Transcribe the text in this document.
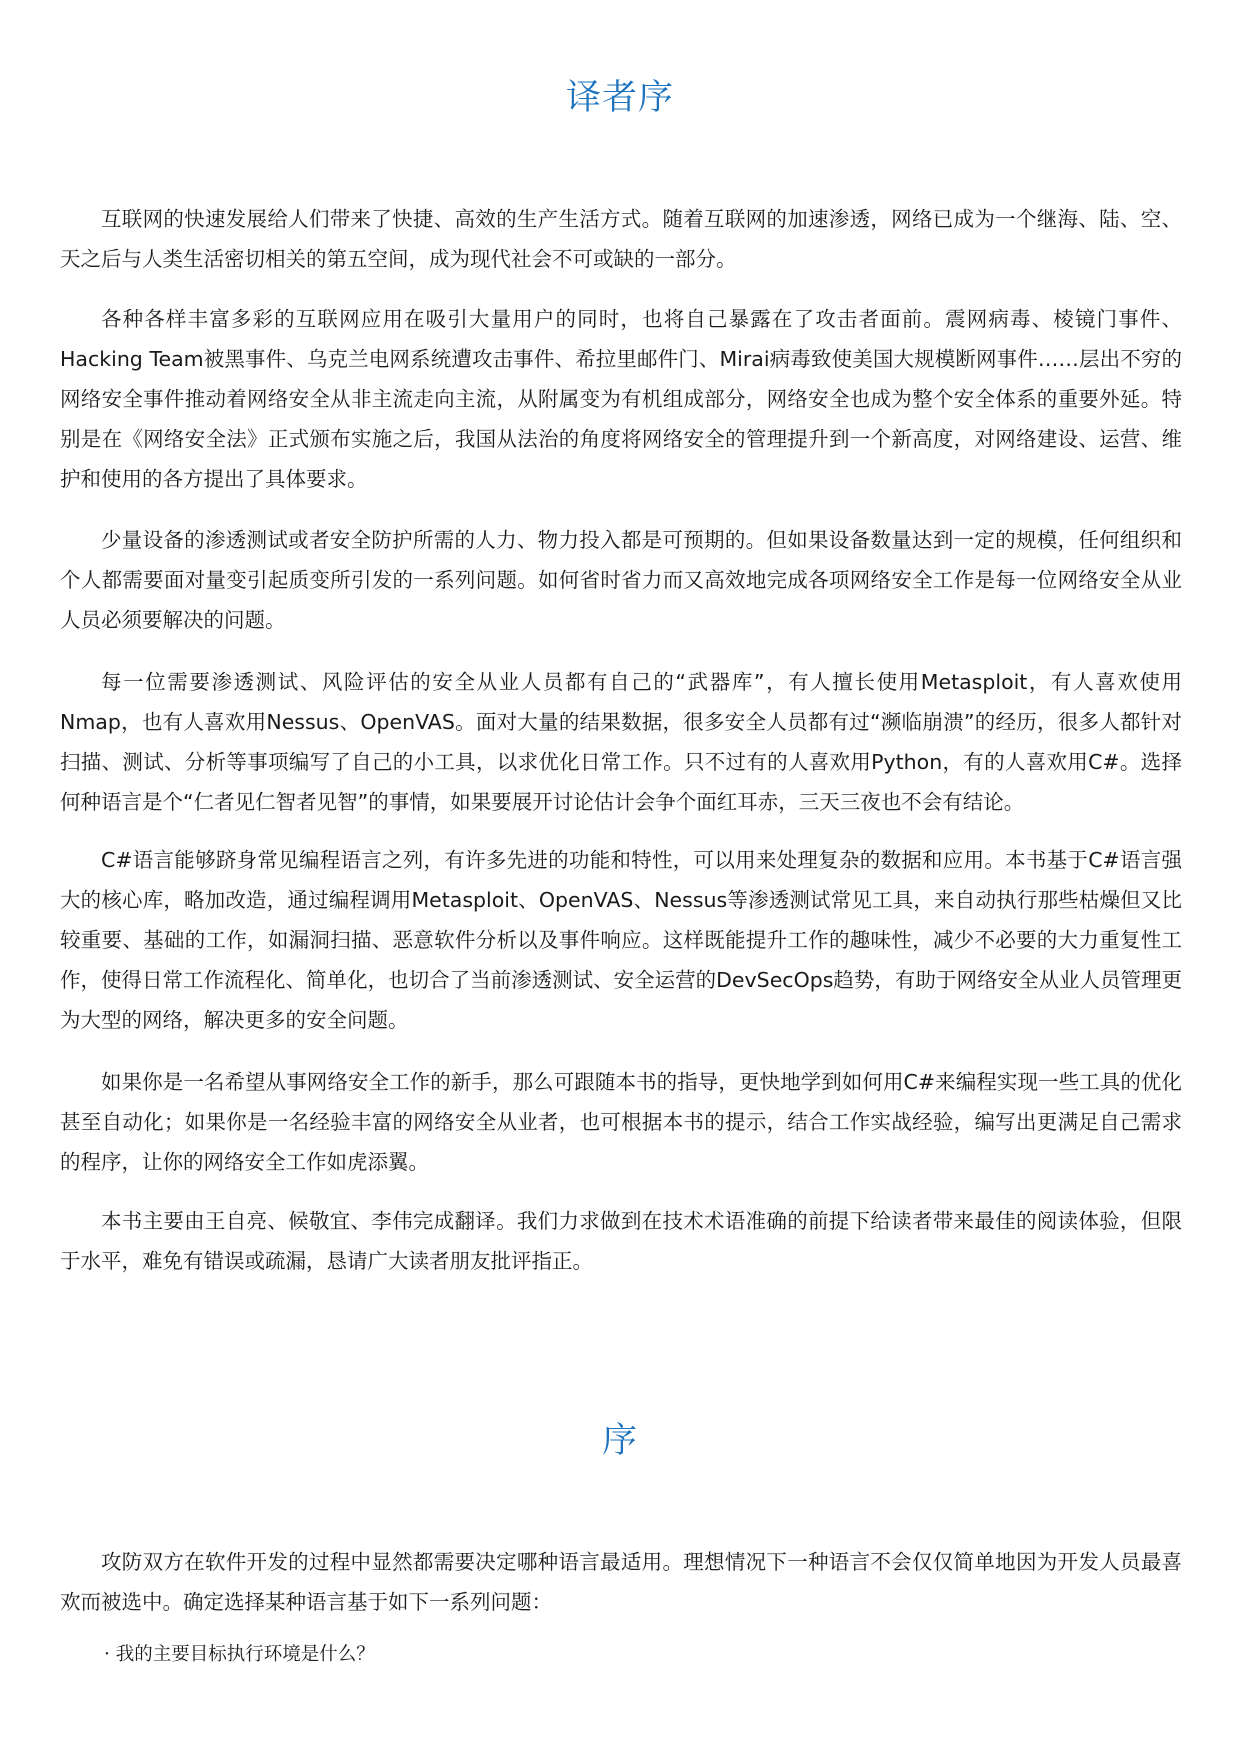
译者序

互联网的快速发展给人们带来了快捷、高效的生产生活方式。随着互联网的加速渗透，网络已成为一个继海、陆、空、天之后与人类生活密切相关的第五空间，成为现代社会不可或缺的一部分。

各种各样丰富多彩的互联网应用在吸引大量用户的同时，也将自己暴露在了攻击者面前。震网病毒、棱镜门事件、Hacking Team被黑事件、乌克兰电网系统遭攻击事件、希拉里邮件门、Mirai病毒致使美国大规模断网事件……层出不穷的网络安全事件推动着网络安全从非主流走向主流，从附属变为有机组成部分，网络安全也成为整个安全体系的重要外延。特别是在《网络安全法》正式颁布实施之后，我国从法治的角度将网络安全的管理提升到一个新高度，对网络建设、运营、维护和使用的各方提出了具体要求。

少量设备的渗透测试或者安全防护所需的人力、物力投入都是可预期的。但如果设备数量达到一定的规模，任何组织和个人都需要面对量变引起质变所引发的一系列问题。如何省时省力而又高效地完成各项网络安全工作是每一位网络安全从业人员必须要解决的问题。

每一位需要渗透测试、风险评估的安全从业人员都有自己的“武器库”，有人擅长使用Metasploit，有人喜欢使用Nmap，也有人喜欢用Nessus、OpenVAS。面对大量的结果数据，很多安全人员都有过“濒临崩溃”的经历，很多人都针对扫描、测试、分析等事项编写了自己的小工具，以求优化日常工作。只不过有的人喜欢用Python，有的人喜欢用C#。选择何种语言是个“仁者见仁智者见智”的事情，如果要展开讨论估计会争个面红耳赤，三天三夜也不会有结论。

C#语言能够跻身常见编程语言之列，有许多先进的功能和特性，可以用来处理复杂的数据和应用。本书基于C#语言强大的核心库，略加改造，通过编程调用Metasploit、OpenVAS、Nessus等渗透测试常见工具，来自动执行那些枯燥但又比较重要、基础的工作，如漏洞扫描、恶意软件分析以及事件响应。这样既能提升工作的趣味性，减少不必要的大力重复性工作，使得日常工作流程化、简单化，也切合了当前渗透测试、安全运营的DevSecOps趋势，有助于网络安全从业人员管理更为大型的网络，解决更多的安全问题。

如果你是一名希望从事网络安全工作的新手，那么可跟随本书的指导，更快地学到如何用C#来编程实现一些工具的优化甚至自动化；如果你是一名经验丰富的网络安全从业者，也可根据本书的提示，结合工作实战经验，编写出更满足自己需求的程序，让你的网络安全工作如虎添翼。

本书主要由王自亮、候敬宜、李伟完成翻译。我们力求做到在技术术语准确的前提下给读者带来最佳的阅读体验，但限于水平，难免有错误或疏漏，恳请广大读者朋友批评指正。

序

攻防双方在软件开发的过程中显然都需要决定哪种语言最适用。理想情况下一种语言不会仅仅简单地因为开发人员最喜欢而被选中。确定选择某种语言基于如下一系列问题：

· 我的主要目标执行环境是什么？
